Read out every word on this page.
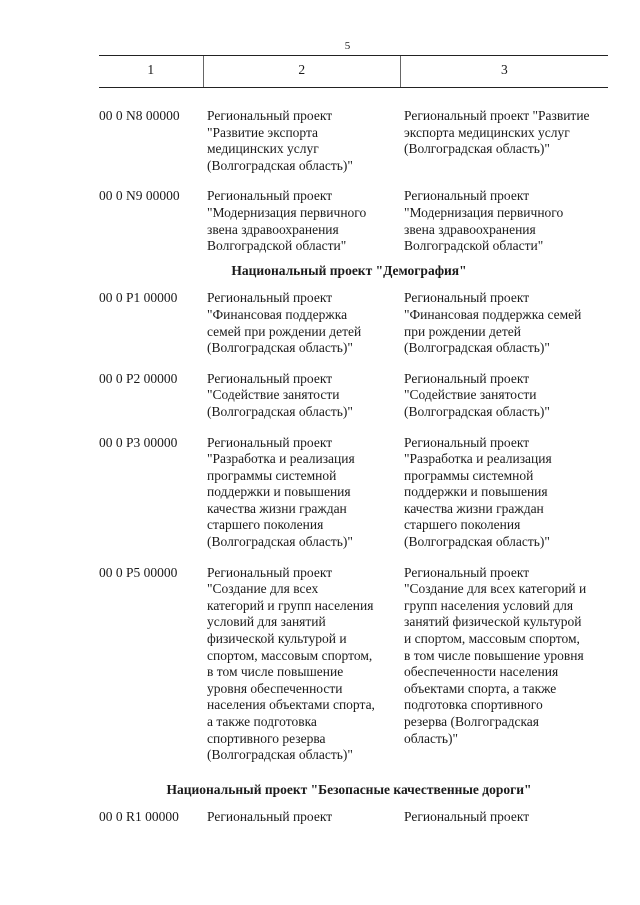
5
1	2	3
00 0 N8 00000	Региональный проект
"Развитие экспорта
медицинских услуг
(Волгоградская область)"
Региональный проект "Развитие
экспорта медицинских услуг
(Волгоградская область)"
00 0 N9 00000	Региональный проект
"Модернизация первичного
звена здравоохранения
Волгоградской области"
Региональный проект
"Модернизация первичного
звена здравоохранения
Волгоградской области"
Национальный проект "Демография"
00 0 P1 00000	Региональный проект
"Финансовая поддержка
семей при рождении детей
(Волгоградская область)"
Региональный проект
"Финансовая поддержка семей
при рождении детей
(Волгоградская область)"
00 0 P2 00000	Региональный проект
"Содействие занятости
(Волгоградская область)"
Региональный проект
"Содействие занятости
(Волгоградская область)"
00 0 P3 00000	Региональный проект
"Разработка и реализация
программы системной
поддержки и повышения
качества жизни граждан
старшего поколения
(Волгоградская область)"
Региональный проект
"Разработка и реализация
программы системной
поддержки и повышения
качества жизни граждан
старшего поколения
(Волгоградская область)"
00 0 P5 00000	Региональный проект
"Создание для всех
категорий и групп населения
условий для занятий
физической культурой и
спортом, массовым спортом,
в том числе повышение
уровня обеспеченности
населения объектами спорта,
а также подготовка
спортивного резерва
(Волгоградская область)"
Региональный проект
"Создание для всех категорий и
групп населения условий для
занятий физической культурой
и спортом, массовым спортом,
в том числе повышение уровня
обеспеченности населения
объектами спорта, а также
подготовка спортивного
резерва (Волгоградская
область)"
Национальный проект "Безопасные качественные дороги"
00 0 R1 00000	Региональный проект	Региональный проект
